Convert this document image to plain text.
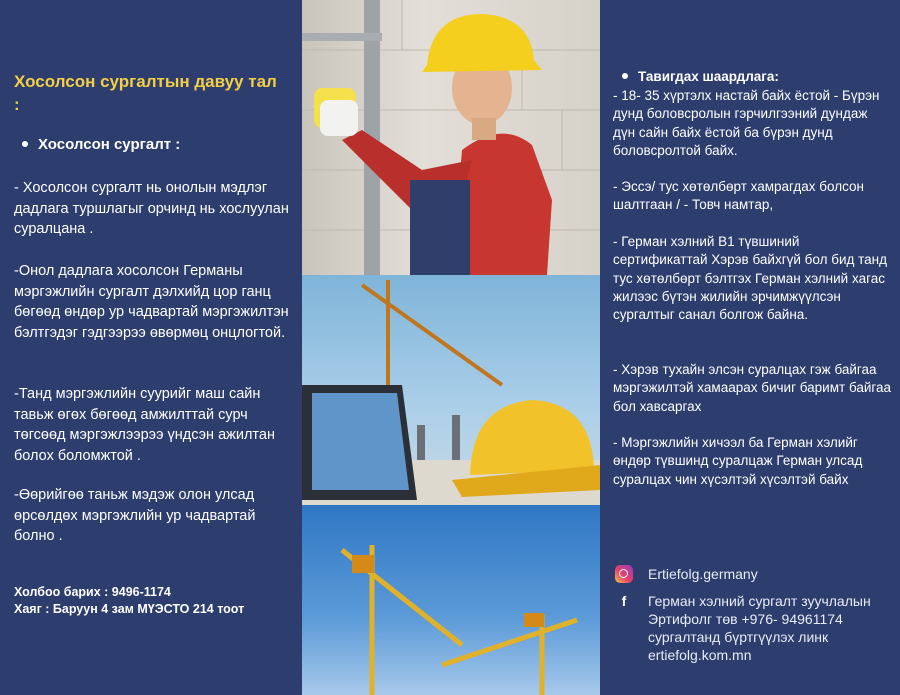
Хосолсон сургалтын давуу тал :
Хосолсон сургалт :
- Хосолсон сургалт нь онолын мэдлэг дадлага туршлагыг орчинд нь хослуулан суралцана .
-Онол дадлага хосолсон Германы мэргэжлийн сургалт дэлхийд цор ганц бөгөөд өндөр ур чадвартай мэргэжилтэн бэлтгэдэг гэдгээрээ өвөрмөц онцлогтой.
-Танд мэргэжлийн суурийг маш сайн тавьж өгөх бөгөөд амжилттай сурч төгсөөд мэргэжлээрээ үндсэн ажилтан болох боломжтой .
-Өөрийгөө таньж мэдэж олон улсад өрсөлдөх мэргэжлийн ур чадвартай болно .
Холбоо барих : 9496-1174
Хаяг : Баруун 4 зам МҮЭСТО 214 тоот
Тавигдах шаардлага:
- 18- 35 хүртэлх настай байх ёстой - Бүрэн дунд боловсролын гэрчилгээний дундаж дүн сайн байх ёстой ба бүрэн дунд боловсролтой байх.
- Эссэ/ тус хөтөлбөрт хамрагдах болсон шалтгаан / - Товч намтар,
- Герман хэлний В1 түвшиний сертификаттай Хэрэв байхгүй бол бид танд тус хөтөлбөрт бэлтгэх Герман хэлний хагас жилээс бүтэн жилийн эрчимжүүлсэн сургалтыг санал болгож байна.
- Хэрэв тухайн элсэн суралцах гэж байгаа мэргэжилтэй хамаарах бичиг баримт байгаа бол хавсаргах
- Мэргэжлийн хичээл ба Герман хэлийг өндөр түвшинд суралцаж Герман улсад суралцах чин хүсэлтэй хүсэлтэй байх
Ertiefolg.germany
f	Герман хэлний сургалт зуучлалын
Эртифолг төв +976- 94961174
сургалтанд бүртгүүлэх линк
ertiefolg.kom.mn
